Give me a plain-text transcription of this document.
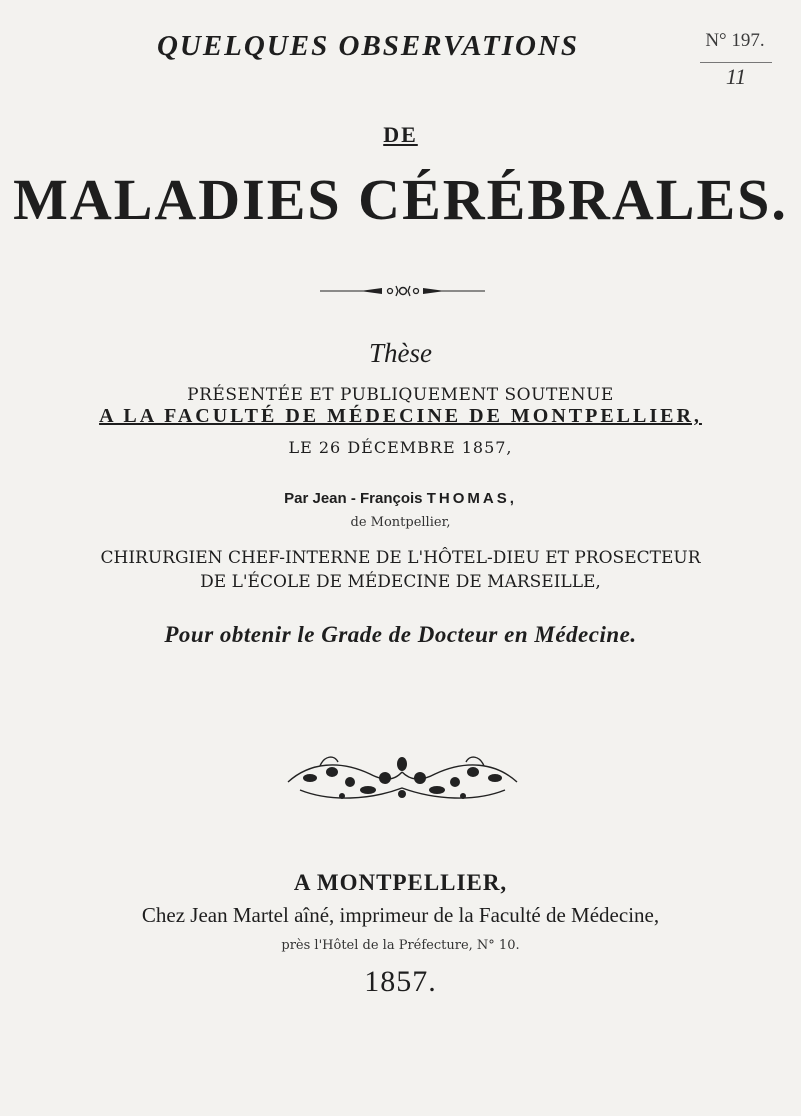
QUELQUES OBSERVATIONS	N° 197.
11
DE
MALADIES CÉRÉBRALES.
Thèse
PRÉSENTÉE ET PUBLIQUEMENT SOUTENUE
A LA FACULTÉ DE MÉDECINE DE MONTPELLIER,
LE 26 DÉCEMBRE 1857,
Par Jean - François THOMAS,
de Montpellier,
CHIRURGIEN CHEF-INTERNE DE L'HÔTEL-DIEU ET PROSECTEUR
DE L'ÉCOLE DE MÉDECINE DE MARSEILLE,
Pour obtenir le Grade de Docteur en Médecine.
A MONTPELLIER,
Chez Jean Martel aîné, imprimeur de la Faculté de Médecine,
près l'Hôtel de la Préfecture, N° 10.
1857.
